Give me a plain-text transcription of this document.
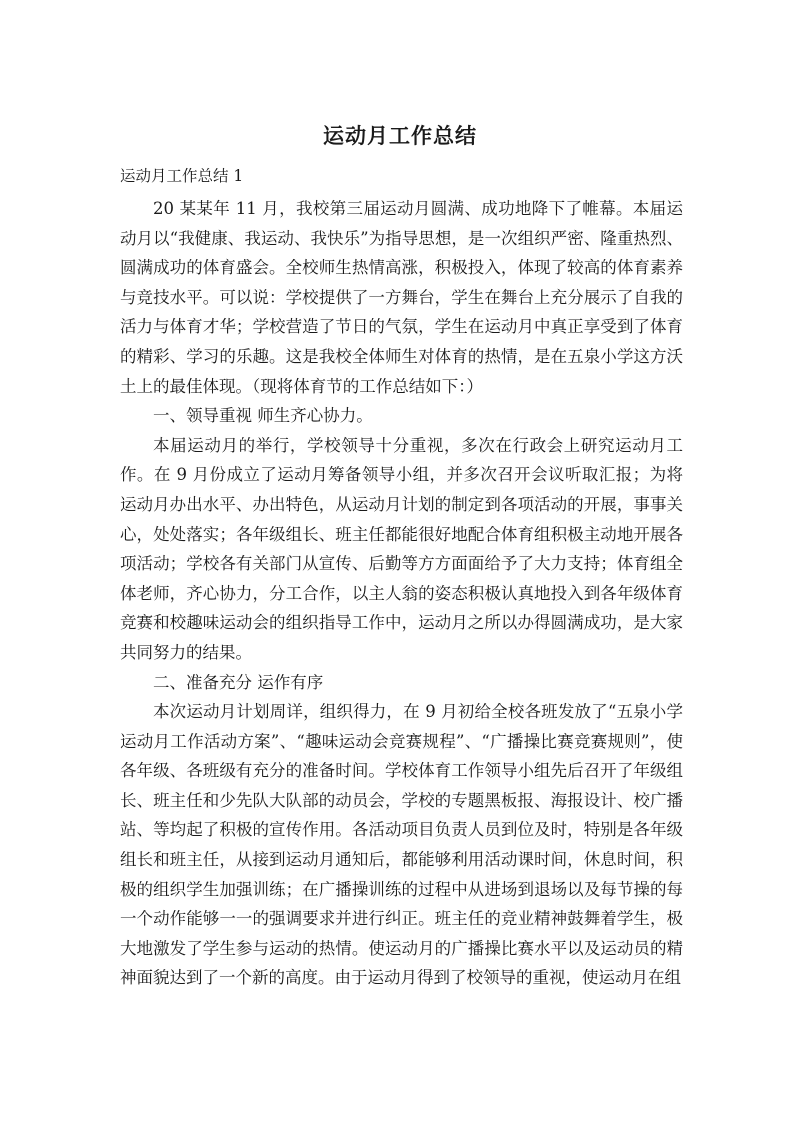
运动月工作总结
运动月工作总结 1

20 某某年 11 月，我校第三届运动月圆满、成功地降下了帷幕。本届运动月以“我健康、我运动、我快乐”为指导思想，是一次组织严密、隆重热烈、圆满成功的体育盛会。全校师生热情高涨，积极投入，体现了较高的体育素养与竞技水平。可以说：学校提供了一方舞台，学生在舞台上充分展示了自我的活力与体育才华；学校营造了节日的气氛，学生在运动月中真正享受到了体育的精彩、学习的乐趣。这是我校全体师生对体育的热情，是在五泉小学这方沃土上的最佳体现。（现将体育节的工作总结如下：）

一、领导重视 师生齐心协力。

本届运动月的举行，学校领导十分重视，多次在行政会上研究运动月工作。在 9 月份成立了运动月筹备领导小组，并多次召开会议听取汇报；为将运动月办出水平、办出特色，从运动月计划的制定到各项活动的开展，事事关心，处处落实；各年级组长、班主任都能很好地配合体育组积极主动地开展各项活动；学校各有关部门从宣传、后勤等方方面面给予了大力支持；体育组全体老师，齐心协力，分工合作，以主人翁的姿态积极认真地投入到各年级体育竞赛和校趣味运动会的组织指导工作中，运动月之所以办得圆满成功，是大家共同努力的结果。

二、准备充分 运作有序

本次运动月计划周详，组织得力，在 9 月初给全校各班发放了“五泉小学运动月工作活动方案”、“趣味运动会竞赛规程”、“广播操比赛竞赛规则”，使各年级、各班级有充分的准备时间。学校体育工作领导小组先后召开了年级组长、班主任和少先队大队部的动员会，学校的专题黑板报、海报设计、校广播站、等均起了积极的宣传作用。各活动项目负责人员到位及时，特别是各年级组长和班主任，从接到运动月通知后，都能够利用活动课时间，休息时间，积极的组织学生加强训练；在广播操训练的过程中从进场到退场以及每节操的每一个动作能够一一的强调要求并进行纠正。班主任的竞业精神鼓舞着学生，极大地激发了学生参与运动的热情。使运动月的广播操比赛水平以及运动员的精神面貌达到了一个新的高度。由于运动月得到了校领导的重视，使运动月在组
